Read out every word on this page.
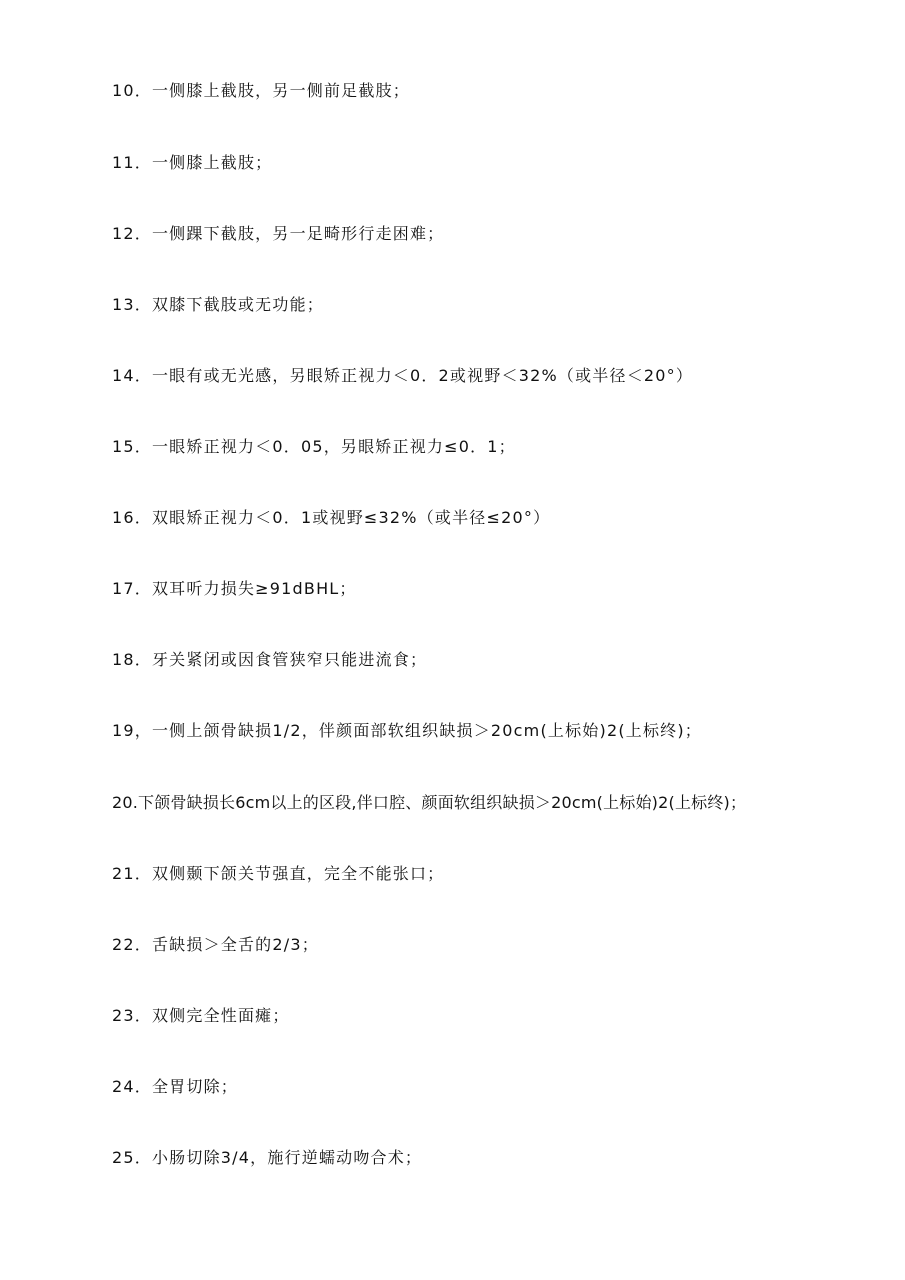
10．一侧膝上截肢，另一侧前足截肢；
11．一侧膝上截肢；
12．一侧踝下截肢，另一足畸形行走困难；
13．双膝下截肢或无功能；
14．一眼有或无光感，另眼矫正视力＜0．2或视野＜32%（或半径＜20°）
15．一眼矫正视力＜0．05，另眼矫正视力≤0．1；
16．双眼矫正视力＜0．1或视野≤32%（或半径≤20°）
17．双耳听力损失≥91dBHL；
18．牙关紧闭或因食管狭窄只能进流食；
19，一侧上颌骨缺损1/2，伴颜面部软组织缺损＞20cm(上标始)2(上标终)；
20.下颌骨缺损长6cm以上的区段,伴口腔、颜面软组织缺损＞20cm(上标始)2(上标终)；
21．双侧颞下颌关节强直，完全不能张口；
22．舌缺损＞全舌的2/3；
23．双侧完全性面瘫；
24．全胃切除；
25．小肠切除3/4，施行逆蠕动吻合术；
